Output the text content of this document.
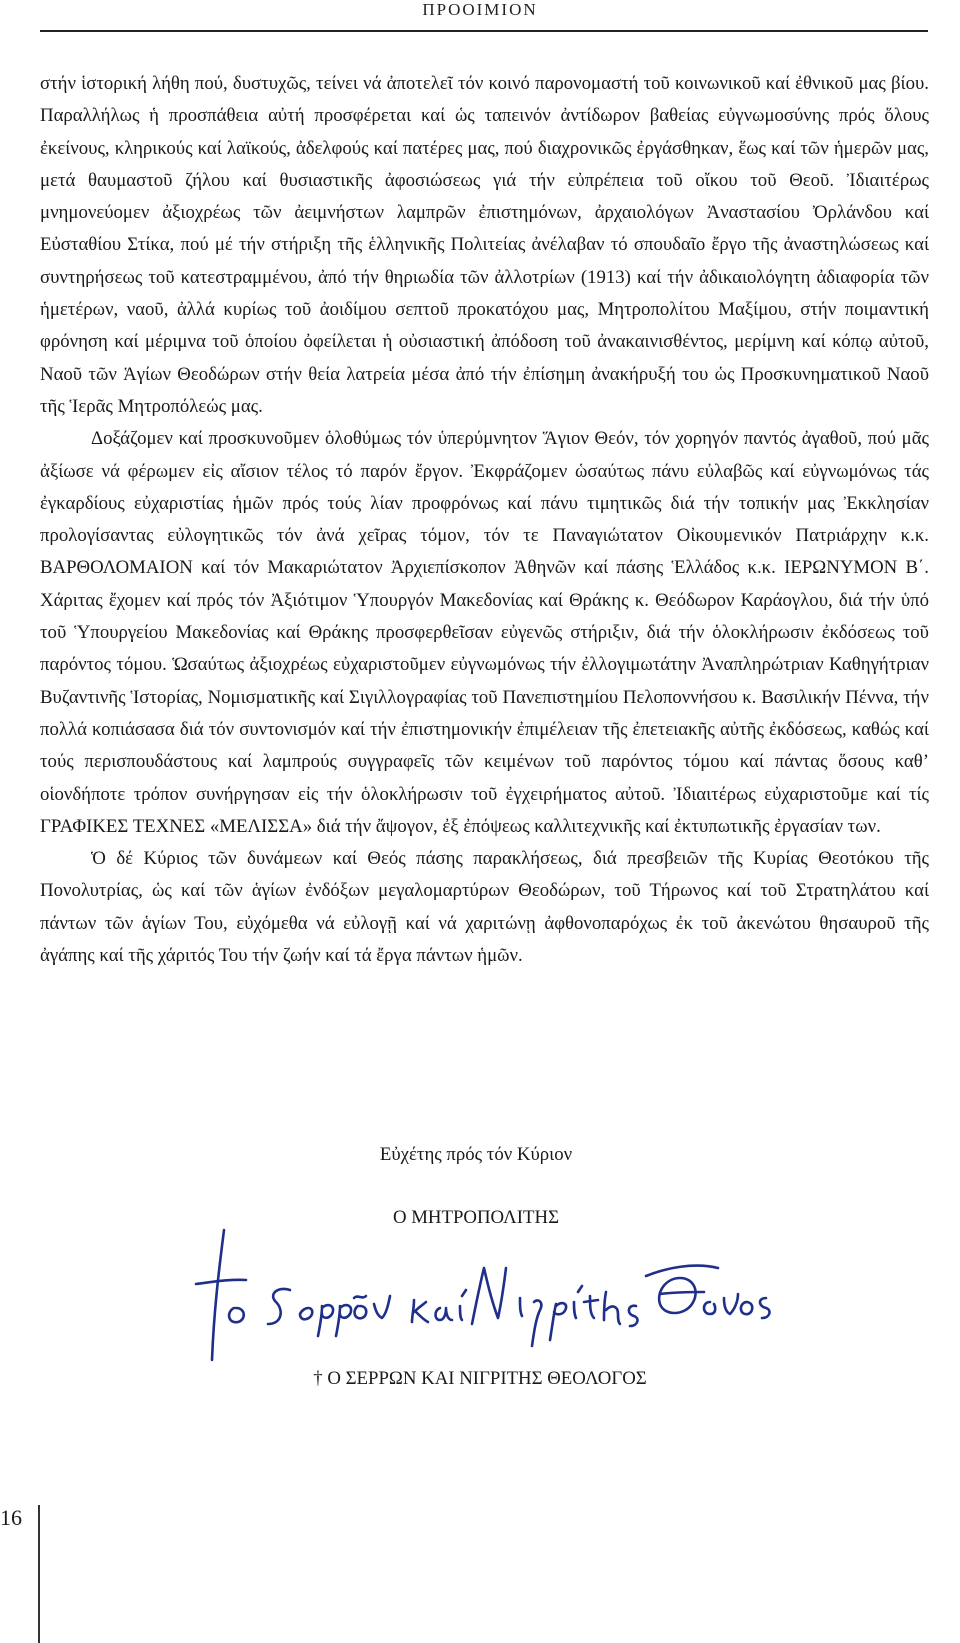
ΠΡΟΟΙΜΙΟΝ

στήν ἱστορική λήθη πού, δυστυχῶς, τείνει νά ἀποτελεῖ τόν κοινό παρονομαστή τοῦ κοινωνικοῦ καί ἐθνικοῦ μας βίου. Παραλλήλως ἡ προσπάθεια αὐτή προσφέρεται καί ὡς ταπεινόν ἀντίδωρον βαθείας εὐγνωμοσύνης πρός ὅλους ἐκείνους, κληρικούς καί λαϊκούς, ἀδελφούς καί πατέρες μας, πού διαχρονικῶς ἐργάσθηκαν, ἕως καί τῶν ἡμερῶν μας, μετά θαυμαστοῦ ζήλου καί θυσιαστικῆς ἀφοσιώσεως γιά τήν εὐπρέπεια τοῦ οἴκου τοῦ Θεοῦ. Ἰδιαιτέρως μνημονεύομεν ἀξιοχρέως τῶν ἀειμνήστων λαμπρῶν ἐπιστημόνων, ἀρχαιολόγων Ἀναστασίου Ὀρλάνδου καί Εὐσταθίου Στίκα, πού μέ τήν στήριξη τῆς ἑλληνικῆς Πολιτείας ἀνέλαβαν τό σπουδαῖο ἔργο τῆς ἀναστηλώσεως καί συντηρήσεως τοῦ κατεστραμμένου, ἀπό τήν θηριωδία τῶν ἀλλοτρίων (1913) καί τήν ἀδικαιολόγητη ἀδιαφορία τῶν ἡμετέρων, ναοῦ, ἀλλά κυρίως τοῦ ἀοιδίμου σεπτοῦ προκατόχου μας, Μητροπολίτου Μαξίμου, στήν ποιμαντική φρόνηση καί μέριμνα τοῦ ὁποίου ὀφείλεται ἡ οὐσιαστική ἀπόδοση τοῦ ἀνακαινισθέντος, μερίμνη καί κόπῳ αὐτοῦ, Ναοῦ τῶν Ἁγίων Θεοδώρων στήν θεία λατρεία μέσα ἀπό τήν ἐπίσημη ἀνακήρυξή του ὡς Προσκυνηματικοῦ Ναοῦ τῆς Ἱερᾶς Μητροπόλεώς μας.

Δοξάζομεν καί προσκυνοῦμεν ὁλοθύμως τόν ὑπερύμνητον Ἅγιον Θεόν, τόν χορηγόν παντός ἀγαθοῦ, πού μᾶς ἀξίωσε νά φέρωμεν εἰς αἴσιον τέλος τό παρόν ἔργον. Ἐκφράζομεν ὡσαύτως πάνυ εὐλαβῶς καί εὐγνωμόνως τάς ἐγκαρδίους εὐχαριστίας ἡμῶν πρός τούς λίαν προφρόνως καί πάνυ τιμητικῶς διά τήν τοπικήν μας Ἐκκλησίαν προλογίσαντας εὐλογητικῶς τόν ἀνά χεῖρας τόμον, τόν τε Παναγιώτατον Οἰκουμενικόν Πατριάρχην κ.κ. ΒΑΡΘΟΛΟΜΑΙΟΝ καί τόν Μακαριώτατον Ἀρχιεπίσκοπον Ἀθηνῶν καί πάσης Ἑλλάδος κ.κ. ΙΕΡΩΝΥΜΟΝ Β΄. Χάριτας ἔχομεν καί πρός τόν Ἀξιότιμον Ὑπουργόν Μακεδονίας καί Θράκης κ. Θεόδωρον Καράογλου, διά τήν ὑπό τοῦ Ὑπουργείου Μακεδονίας καί Θράκης προσφερθεῖσαν εὐγενῶς στήριξιν, διά τήν ὁλοκλήρωσιν ἐκδόσεως τοῦ παρόντος τόμου. Ὡσαύτως ἀξιοχρέως εὐχαριστοῦμεν εὐγνωμόνως τήν ἐλλογιμωτάτην Ἀναπληρώτριαν Καθηγήτριαν Βυζαντινῆς Ἱστορίας, Νομισματικῆς καί Σιγιλλογραφίας τοῦ Πανεπιστημίου Πελοποννήσου κ. Βασιλικήν Πέννα, τήν πολλά κοπιάσασα διά τόν συντονισμόν καί τήν ἐπιστημονικήν ἐπιμέλειαν τῆς ἐπετειακῆς αὐτῆς ἐκδόσεως, καθώς καί τούς περισπουδάστους καί λαμπρούς συγγραφεῖς τῶν κειμένων τοῦ παρόντος τόμου καί πάντας ὅσους καθ’ οἱονδήποτε τρόπον συνήργησαν εἰς τήν ὁλοκλήρωσιν τοῦ ἐγχειρήματος αὐτοῦ. Ἰδιαιτέρως εὐχαριστοῦμε καί τίς ΓΡΑΦΙΚΕΣ ΤΕΧΝΕΣ «ΜΕΛΙΣΣΑ» διά τήν ἄψογον, ἐξ ἐπόψεως καλλιτεχνικῆς καί ἐκτυπωτικῆς ἐργασίαν των.

Ὁ δέ Κύριος τῶν δυνάμεων καί Θεός πάσης παρακλήσεως, διά πρεσβειῶν τῆς Κυρίας Θεοτόκου τῆς Πονολυτρίας, ὡς καί τῶν ἁγίων ἐνδόξων μεγαλομαρτύρων Θεοδώρων, τοῦ Τήρωνος καί τοῦ Στρατηλάτου καί πάντων τῶν ἁγίων Του, εὐχόμεθα νά εὐλογῇ καί νά χαριτώνῃ ἀφθονοπαρόχως ἐκ τοῦ ἀκενώτου θησαυροῦ τῆς ἀγάπης καί τῆς χάριτός Του τήν ζωήν καί τά ἔργα πάντων ἡμῶν.

Εὐχέτης πρός τόν Κύριον
Ο ΜΗΤΡΟΠΟΛΙΤΗΣ
† Ο ΣΕΡΡΩΝ ΚΑΙ ΝΙΓΡΙΤΗΣ ΘΕΟΛΟΓΟΣ
16
